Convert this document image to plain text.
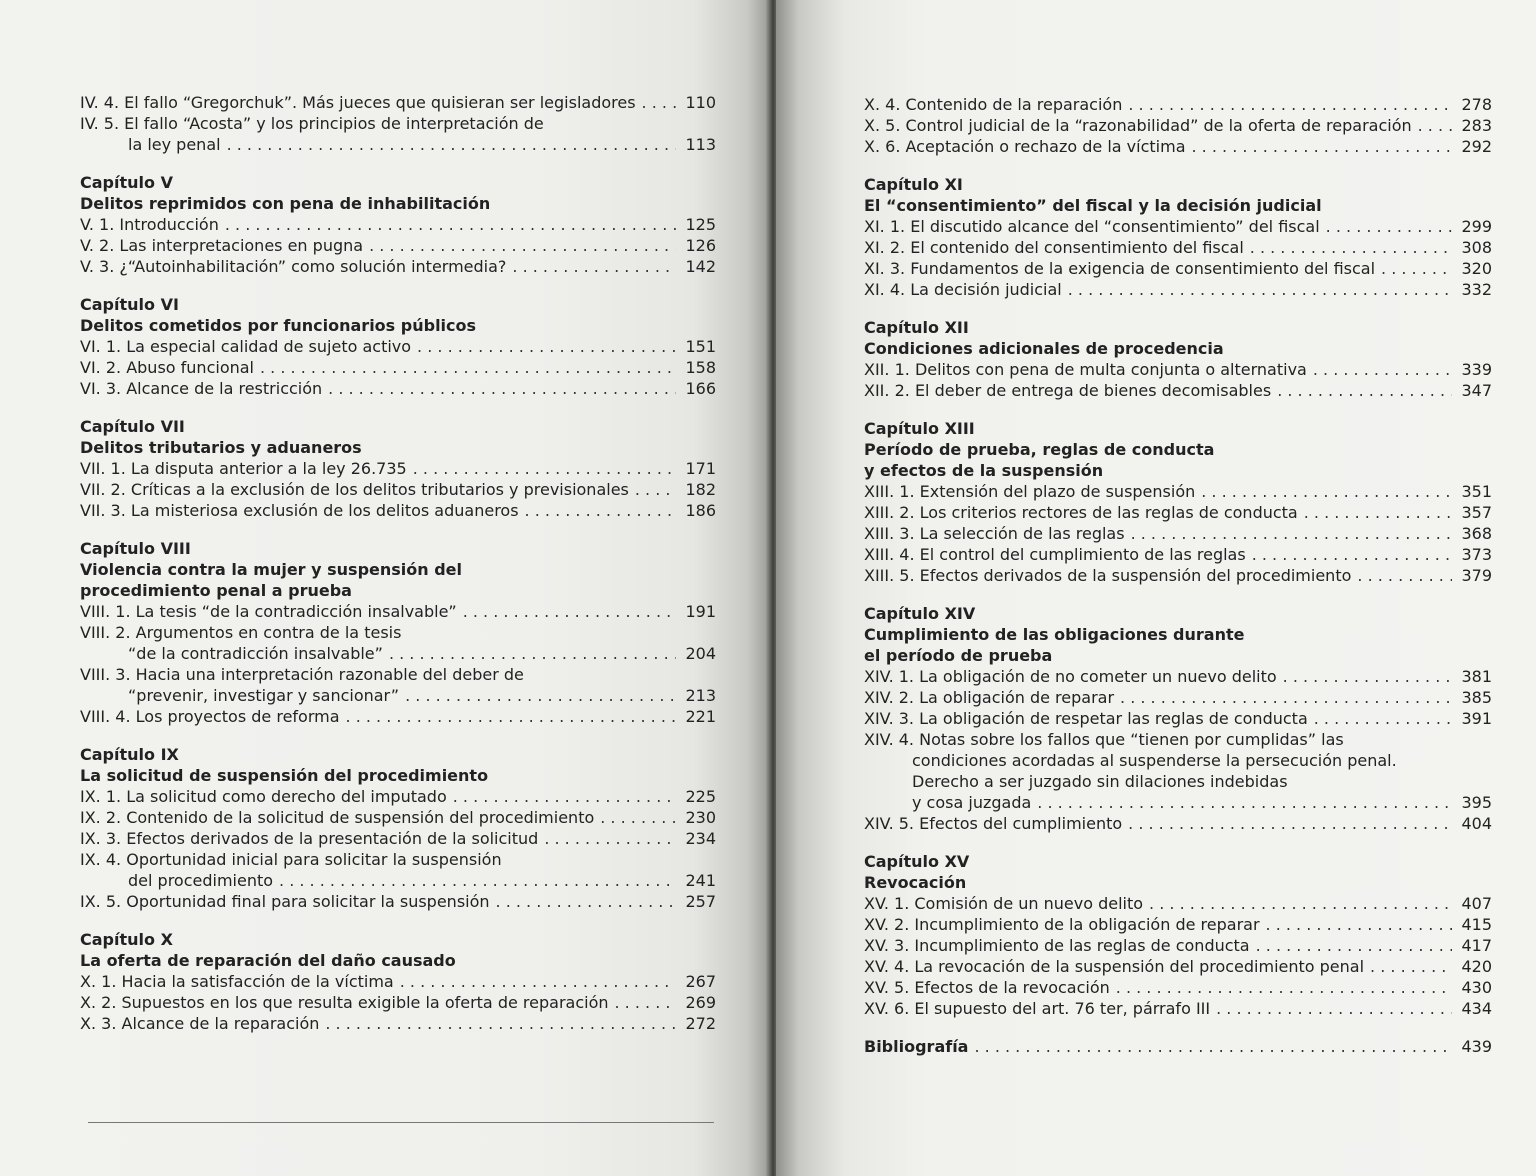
IV. 4. El fallo “Gregorchuk”. Más jueces que quisieran ser legisladores . . .	110
IV. 5. El fallo “Acosta” y los principios de interpretación de
la ley penal . . .	113
Capítulo V
Delitos reprimidos con pena de inhabilitación
V. 1. Introducción . . .	125
V. 2. Las interpretaciones en pugna . . .	126
V. 3. ¿“Autoinhabilitación” como solución intermedia? . . .	142
Capítulo VI
Delitos cometidos por funcionarios públicos
VI. 1. La especial calidad de sujeto activo . . .	151
VI. 2. Abuso funcional . . .	158
VI. 3. Alcance de la restricción . . .	166
Capítulo VII
Delitos tributarios y aduaneros
VII. 1. La disputa anterior a la ley 26.735 . . .	171
VII. 2. Críticas a la exclusión de los delitos tributarios y previsionales . . .	182
VII. 3. La misteriosa exclusión de los delitos aduaneros . . .	186
Capítulo VIII
Violencia contra la mujer y suspensión del
procedimiento penal a prueba
VIII. 1. La tesis “de la contradicción insalvable” . . .	191
VIII. 2. Argumentos en contra de la tesis
“de la contradicción insalvable” . . .	204
VIII. 3. Hacia una interpretación razonable del deber de
“prevenir, investigar y sancionar” . . .	213
VIII. 4. Los proyectos de reforma . . .	221
Capítulo IX
La solicitud de suspensión del procedimiento
IX. 1. La solicitud como derecho del imputado . . .	225
IX. 2. Contenido de la solicitud de suspensión del procedimiento . . .	230
IX. 3. Efectos derivados de la presentación de la solicitud . . .	234
IX. 4. Oportunidad inicial para solicitar la suspensión
del procedimiento . . .	241
IX. 5. Oportunidad final para solicitar la suspensión . . .	257
Capítulo X
La oferta de reparación del daño causado
X. 1. Hacia la satisfacción de la víctima . . .	267
X. 2. Supuestos en los que resulta exigible la oferta de reparación . . .	269
X. 3. Alcance de la reparación . . .	272
X. 4. Contenido de la reparación . . .	278
X. 5. Control judicial de la “razonabilidad” de la oferta de reparación . . .	283
X. 6. Aceptación o rechazo de la víctima . . .	292
Capítulo XI
El “consentimiento” del fiscal y la decisión judicial
XI. 1. El discutido alcance del “consentimiento” del fiscal . . .	299
XI. 2. El contenido del consentimiento del fiscal . . .	308
XI. 3. Fundamentos de la exigencia de consentimiento del fiscal . . .	320
XI. 4. La decisión judicial . . .	332
Capítulo XII
Condiciones adicionales de procedencia
XII. 1. Delitos con pena de multa conjunta o alternativa . . .	339
XII. 2. El deber de entrega de bienes decomisables . . .	347
Capítulo XIII
Período de prueba, reglas de conducta
y efectos de la suspensión
XIII. 1. Extensión del plazo de suspensión . . .	351
XIII. 2. Los criterios rectores de las reglas de conducta . . .	357
XIII. 3. La selección de las reglas . . .	368
XIII. 4. El control del cumplimiento de las reglas . . .	373
XIII. 5. Efectos derivados de la suspensión del procedimiento . . .	379
Capítulo XIV
Cumplimiento de las obligaciones durante
el período de prueba
XIV. 1. La obligación de no cometer un nuevo delito . . .	381
XIV. 2. La obligación de reparar . . .	385
XIV. 3. La obligación de respetar las reglas de conducta . . .	391
XIV. 4. Notas sobre los fallos que “tienen por cumplidas” las
condiciones acordadas al suspenderse la persecución penal.
Derecho a ser juzgado sin dilaciones indebidas
y cosa juzgada . . .	395
XIV. 5. Efectos del cumplimiento . . .	404
Capítulo XV
Revocación
XV. 1. Comisión de un nuevo delito . . .	407
XV. 2. Incumplimiento de la obligación de reparar . . .	415
XV. 3. Incumplimiento de las reglas de conducta . . .	417
XV. 4. La revocación de la suspensión del procedimiento penal . . .	420
XV. 5. Efectos de la revocación . . .	430
XV. 6. El supuesto del art. 76 ter, párrafo III . . .	434
Bibliografía . . .	439
